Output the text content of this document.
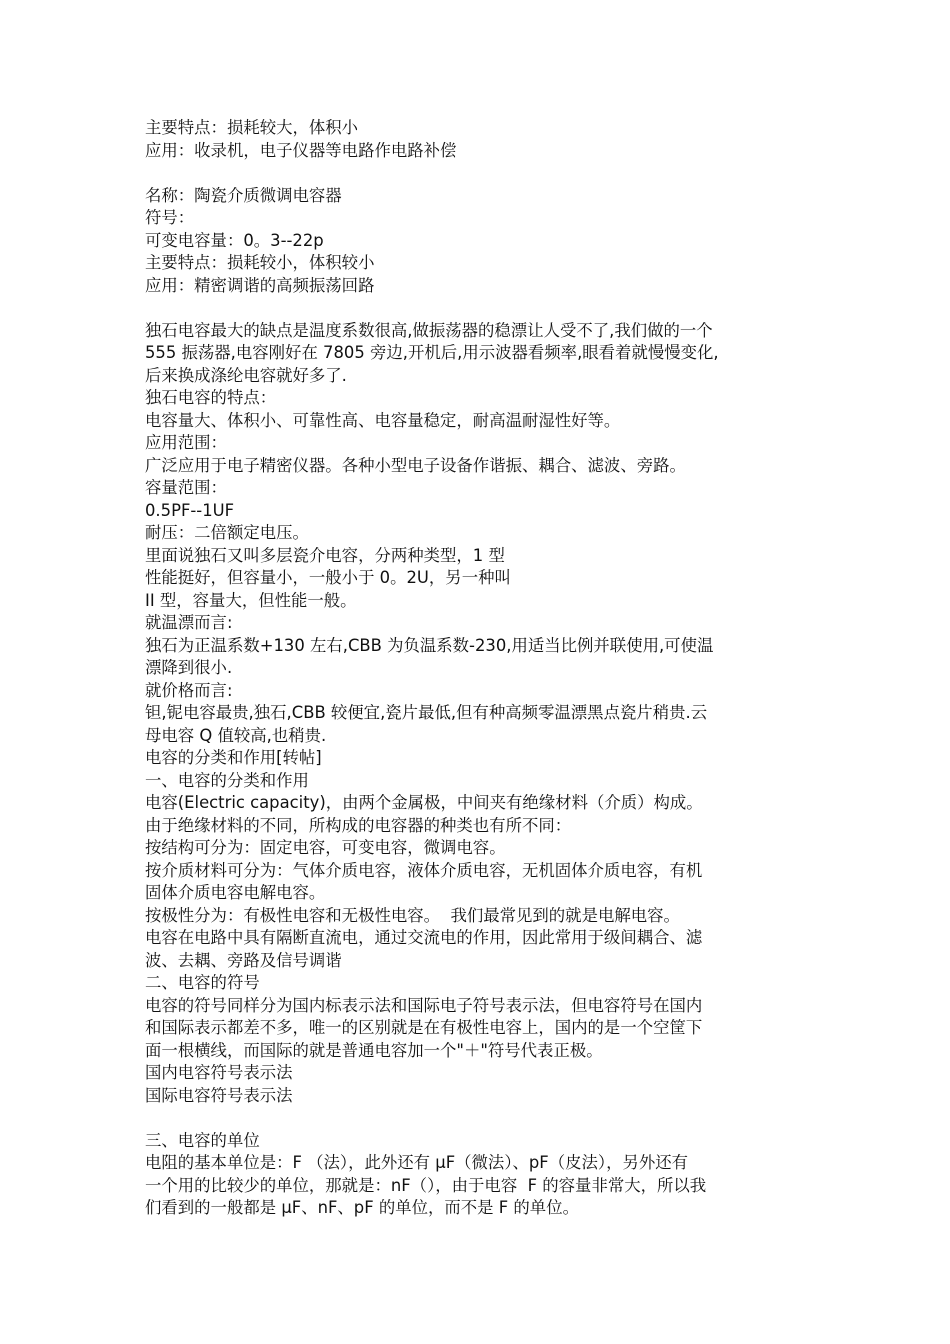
主要特点：损耗较大，体积小
应用：收录机，电子仪器等电路作电路补偿
名称：陶瓷介质微调电容器
符号：
可变电容量：0。3--22p
主要特点：损耗较小，体积较小
应用：精密调谐的高频振荡回路
独石电容最大的缺点是温度系数很高,做振荡器的稳漂让人受不了,我们做的一个
555 振荡器,电容刚好在 7805 旁边,开机后,用示波器看频率,眼看着就慢慢变化,
后来换成涤纶电容就好多了.
独石电容的特点：
电容量大、体积小、可靠性高、电容量稳定，耐高温耐湿性好等。
应用范围：
广泛应用于电子精密仪器。各种小型电子设备作谐振、耦合、滤波、旁路。
容量范围：
0.5PF--1UF
耐压：二倍额定电压。
里面说独石又叫多层瓷介电容，分两种类型，1 型
性能挺好，但容量小，一般小于 0。2U，另一种叫
II 型，容量大，但性能一般。
就温漂而言:
独石为正温系数+130 左右,CBB 为负温系数-230,用适当比例并联使用,可使温
漂降到很小.
就价格而言:
钽,铌电容最贵,独石,CBB 较便宜,瓷片最低,但有种高频零温漂黑点瓷片稍贵.云
母电容 Q 值较高,也稍贵.
电容的分类和作用[转帖]
一、电容的分类和作用
电容(Electric capacity)，由两个金属极，中间夹有绝缘材料（介质）构成。
由于绝缘材料的不同，所构成的电容器的种类也有所不同：
按结构可分为：固定电容，可变电容，微调电容。
按介质材料可分为：气体介质电容，液体介质电容，无机固体介质电容，有机
固体介质电容电解电容。
按极性分为：有极性电容和无极性电容。  我们最常见到的就是电解电容。
电容在电路中具有隔断直流电，通过交流电的作用，因此常用于级间耦合、滤
波、去耦、旁路及信号调谐
二、电容的符号
电容的符号同样分为国内标表示法和国际电子符号表示法，但电容符号在国内
和国际表示都差不多，唯一的区别就是在有极性电容上，国内的是一个空筐下
面一根横线，而国际的就是普通电容加一个"＋"符号代表正极。
国内电容符号表示法
国际电容符号表示法
三、电容的单位
电阻的基本单位是：F （法），此外还有 μF（微法）、pF（皮法），另外还有
一个用的比较少的单位，那就是：nF（），由于电容  F 的容量非常大，所以我
们看到的一般都是 μF、nF、pF 的单位，而不是 F 的单位。
